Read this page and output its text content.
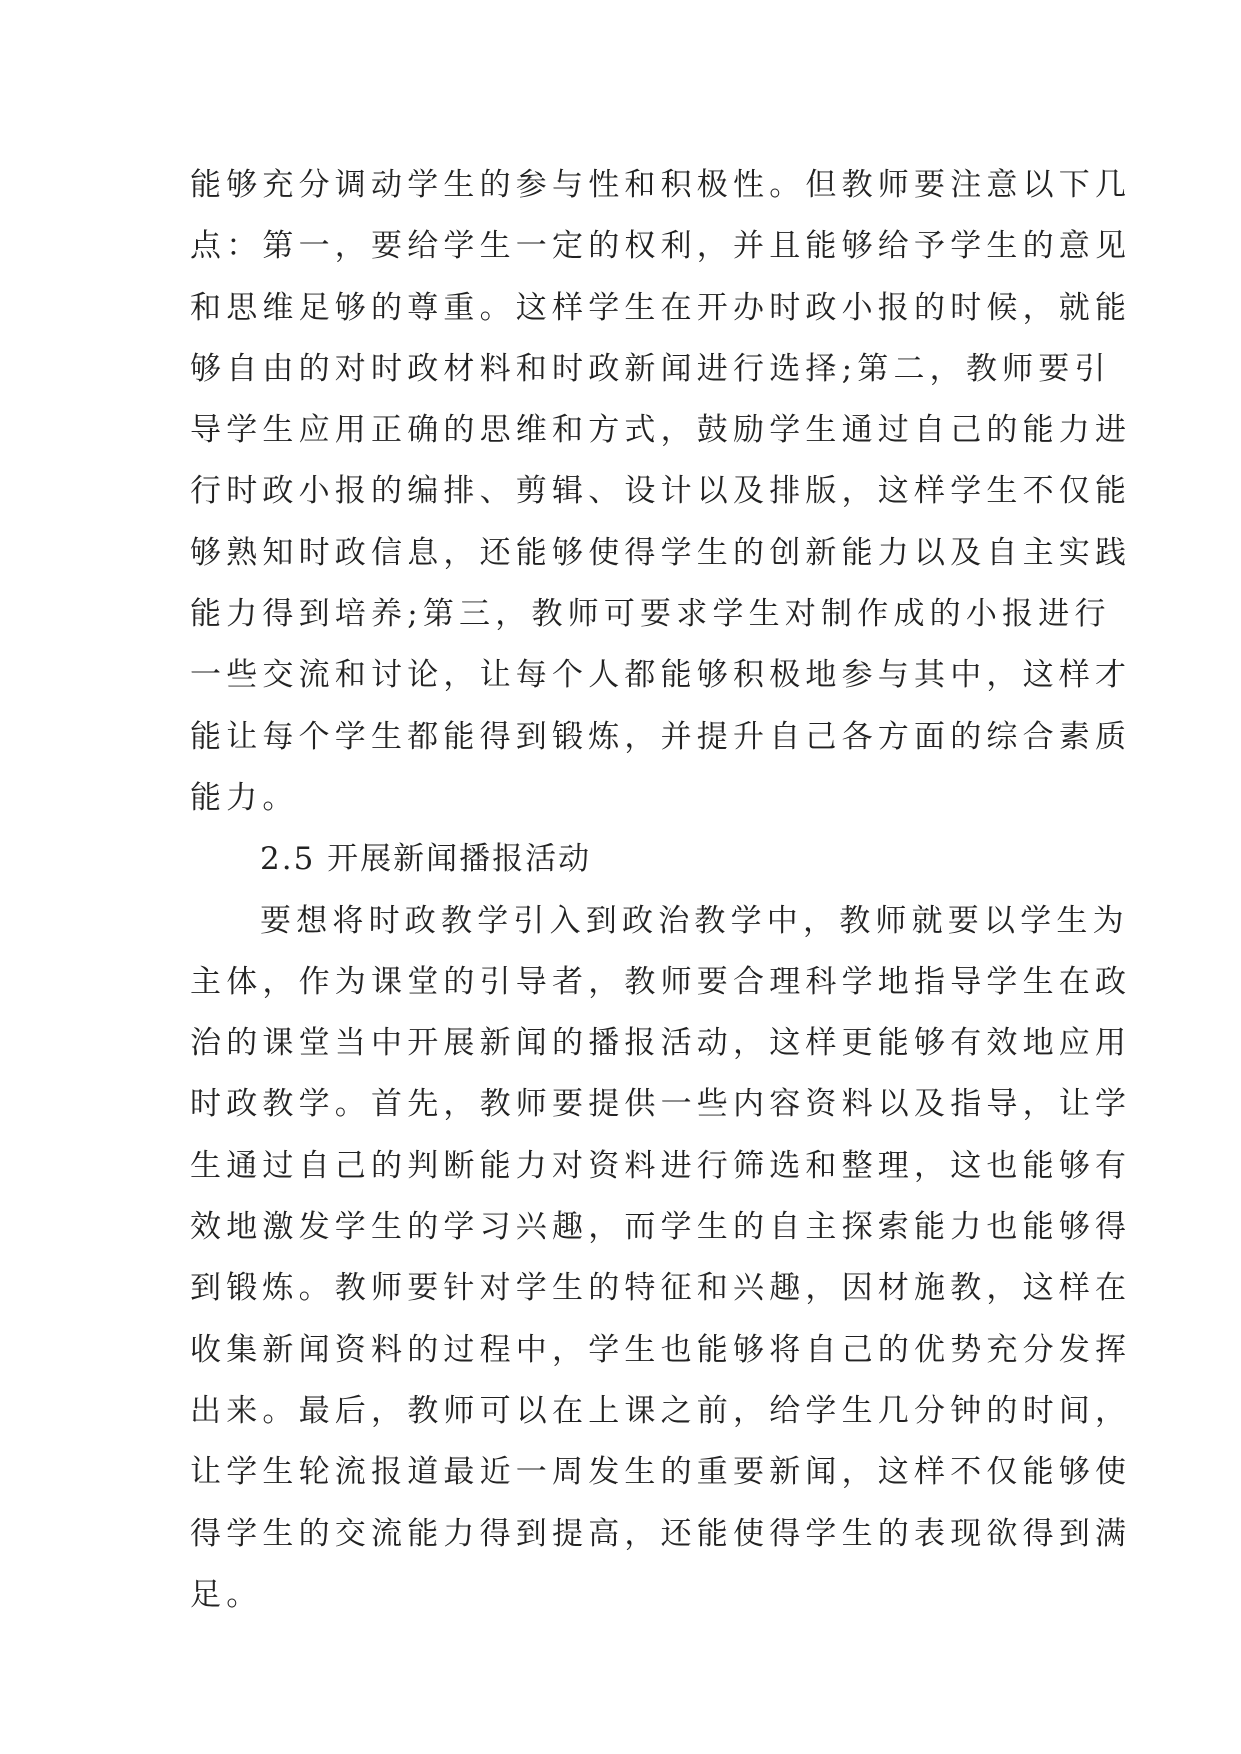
能够充分调动学生的参与性和积极性。但教师要注意以下几
点：第一，要给学生一定的权利，并且能够给予学生的意见
和思维足够的尊重。这样学生在开办时政小报的时候，就能
够自由的对时政材料和时政新闻进行选择;第二，教师要引
导学生应用正确的思维和方式，鼓励学生通过自己的能力进
行时政小报的编排、剪辑、设计以及排版，这样学生不仅能
够熟知时政信息，还能够使得学生的创新能力以及自主实践
能力得到培养;第三，教师可要求学生对制作成的小报进行
一些交流和讨论，让每个人都能够积极地参与其中，这样才
能让每个学生都能得到锻炼，并提升自己各方面的综合素质
能力。
2.5 开展新闻播报活动
要想将时政教学引入到政治教学中，教师就要以学生为
主体，作为课堂的引导者，教师要合理科学地指导学生在政
治的课堂当中开展新闻的播报活动，这样更能够有效地应用
时政教学。首先，教师要提供一些内容资料以及指导，让学
生通过自己的判断能力对资料进行筛选和整理，这也能够有
效地激发学生的学习兴趣，而学生的自主探索能力也能够得
到锻炼。教师要针对学生的特征和兴趣，因材施教，这样在
收集新闻资料的过程中，学生也能够将自己的优势充分发挥
出来。最后，教师可以在上课之前，给学生几分钟的时间，
让学生轮流报道最近一周发生的重要新闻，这样不仅能够使
得学生的交流能力得到提高，还能使得学生的表现欲得到满
足。
